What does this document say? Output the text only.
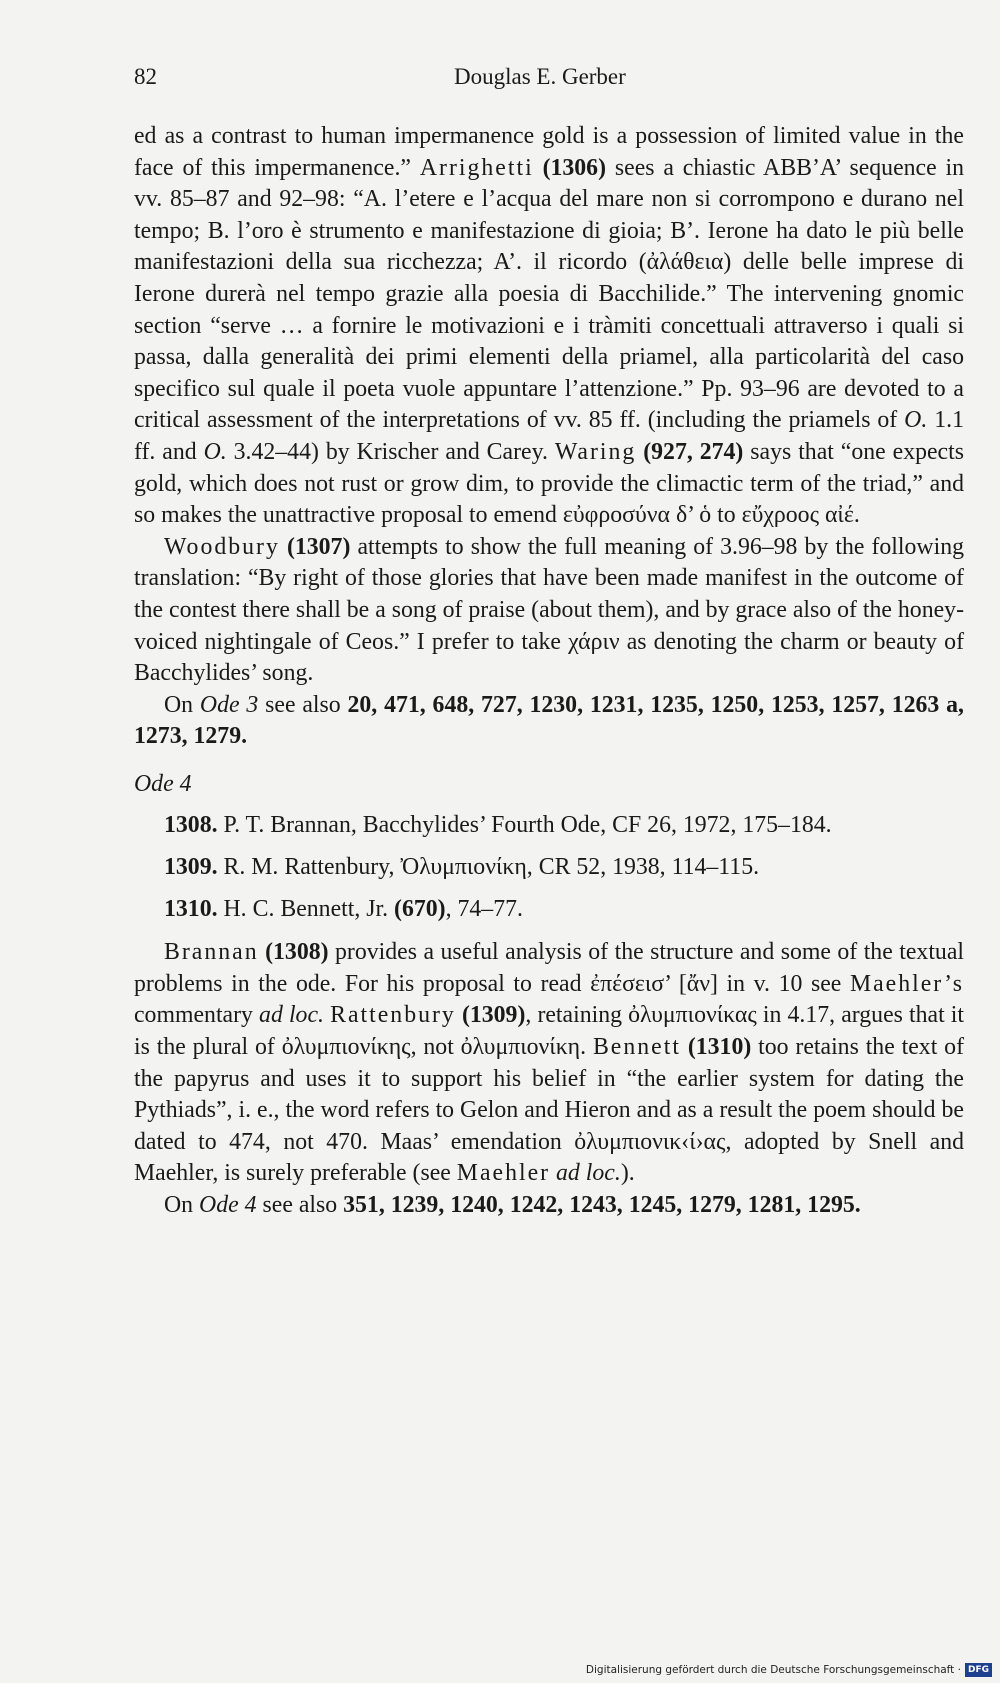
82	Douglas E. Gerber

ed as a contrast to human impermanence gold is a possession of limited value in the face of this impermanence.” Arrighetti (1306) sees a chiastic ABB’A’ sequence in vv. 85–87 and 92–98: “A. l’etere e l’acqua del mare non si corrompono e durano nel tempo; B. l’oro è strumento e manifestazione di gioia; B’. Ierone ha dato le più belle manifestazioni della sua ricchezza; A’. il ricordo (ἀλάθεια) delle belle imprese di Ierone durerà nel tempo grazie alla poesia di Bacchilide.” The intervening gnomic section “serve … a fornire le motivazioni e i tràmiti concettuali attraverso i quali si passa, dalla generalità dei primi elementi della priamel, alla particolarità del caso specifico sul quale il poeta vuole appuntare l’attenzione.” Pp. 93–96 are devoted to a critical assessment of the interpretations of vv. 85 ff. (including the priamels of O. 1.1 ff. and O. 3.42–44) by Krischer and Carey. Waring (927, 274) says that “one expects gold, which does not rust or grow dim, to provide the climactic term of the triad,” and so makes the unattractive proposal to emend εὐφροσύνα δ’ ὁ to εὔχροος αἰέ.

Woodbury (1307) attempts to show the full meaning of 3.96–98 by the following translation: “By right of those glories that have been made manifest in the outcome of the contest there shall be a song of praise (about them), and by grace also of the honey-voiced nightingale of Ceos.” I prefer to take χάριν as denoting the charm or beauty of Bacchylides’ song.

On Ode 3 see also 20, 471, 648, 727, 1230, 1231, 1235, 1250, 1253, 1257, 1263 a, 1273, 1279.

Ode 4

1308. P. T. Brannan, Bacchylides’ Fourth Ode, CF 26, 1972, 175–184.

1309. R. M. Rattenbury, Ὀλυμπιονίκη, CR 52, 1938, 114–115.

1310. H. C. Bennett, Jr. (670), 74–77.

Brannan (1308) provides a useful analysis of the structure and some of the textual problems in the ode. For his proposal to read ἐπέσεισ’ [ἄν] in v. 10 see Maehler’s commentary ad loc. Rattenbury (1309), retaining ὀλυμπιονίκας in 4.17, argues that it is the plural of ὀλυμπιονίκης, not ὀλυμπιονίκη. Bennett (1310) too retains the text of the papyrus and uses it to support his belief in “the earlier system for dating the Pythiads”, i. e., the word refers to Gelon and Hieron and as a result the poem should be dated to 474, not 470. Maas’ emendation ὀλυμπιονικ‹ί›ας, adopted by Snell and Maehler, is surely preferable (see Maehler ad loc.).

On Ode 4 see also 351, 1239, 1240, 1242, 1243, 1245, 1279, 1281, 1295.

Digitalisierung gefördert durch die Deutsche Forschungsgemeinschaft · DFG
